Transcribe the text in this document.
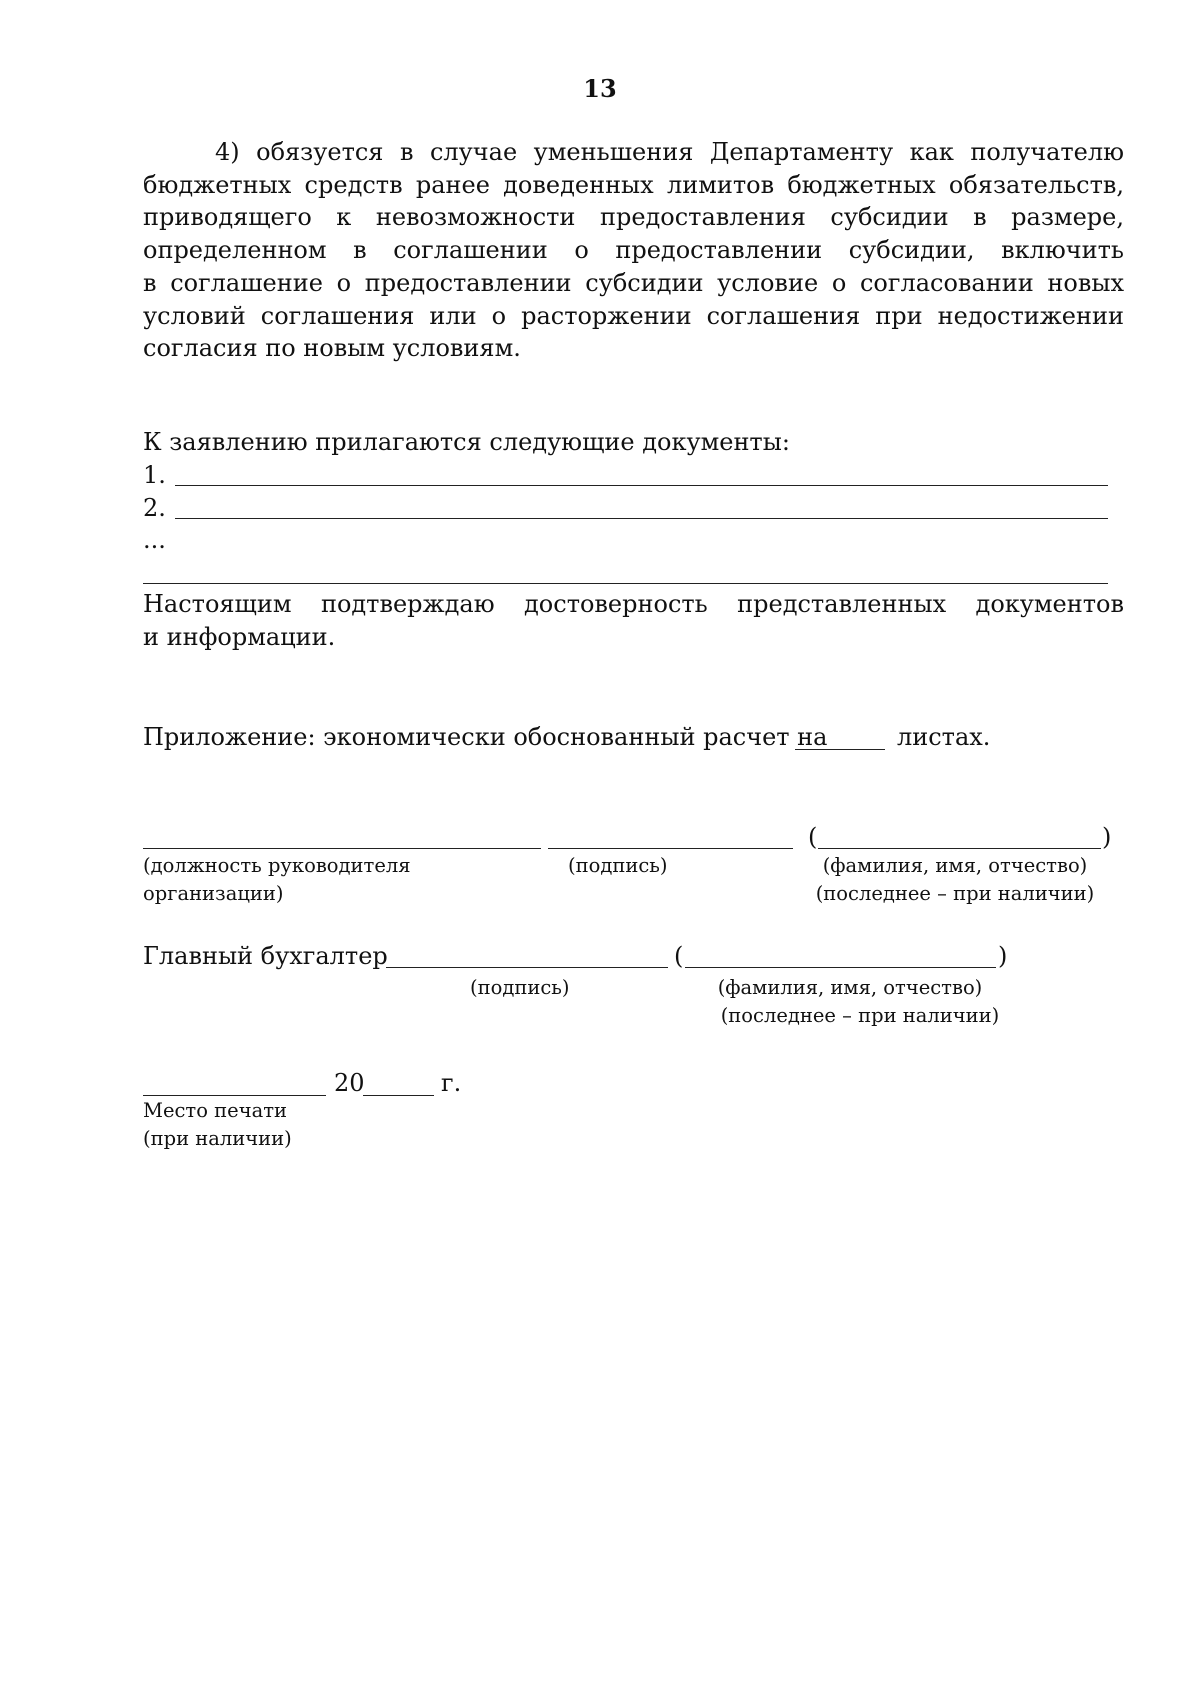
13
4) обязуется в случае уменьшения Департаменту как получателю
бюджетных средств ранее доведенных лимитов бюджетных обязательств,
приводящего к невозможности предоставления субсидии в размере,
определенном в соглашении о предоставлении субсидии, включить
в соглашение о предоставлении субсидии условие о согласовании новых
условий соглашения или о расторжении соглашения при недостижении
согласия по новым условиям.
К заявлению прилагаются следующие документы:
1.
2.
...
Настоящим подтверждаю достоверность представленных документов
и информации.
Приложение: экономически обоснованный расчет на	листах.
(	)
(должность руководителя
организации)
(подпись)	(фамилия, имя, отчество)
(последнее – при наличии)
Главный бухгалтер	(	)
(подпись)	(фамилия, имя, отчество)
(последнее – при наличии)
20	г.
Место печати
(при наличии)
